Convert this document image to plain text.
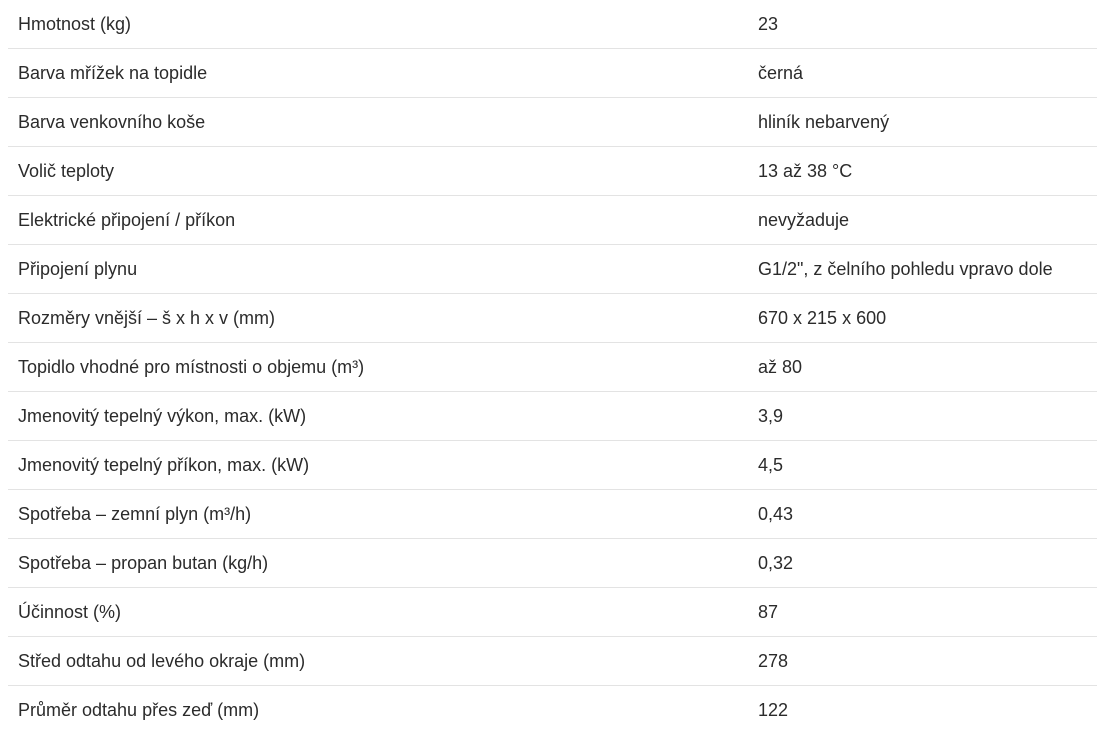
Hmotnost (kg)	23
Barva mřížek na topidle	černá
Barva venkovního koše	hliník nebarvený
Volič teploty	13 až 38 °C
Elektrické připojení / příkon	nevyžaduje
Připojení plynu	G1/2", z čelního pohledu vpravo dole
Rozměry vnější – š x h x v (mm)	670 x 215 x 600
Topidlo vhodné pro místnosti o objemu (m³)	až 80
Jmenovitý tepelný výkon, max. (kW)	3,9
Jmenovitý tepelný příkon, max. (kW)	4,5
Spotřeba – zemní plyn (m³/h)	0,43
Spotřeba – propan butan (kg/h)	0,32
Účinnost (%)	87
Střed odtahu od levého okraje (mm)	278
Průměr odtahu přes zeď (mm)	122
